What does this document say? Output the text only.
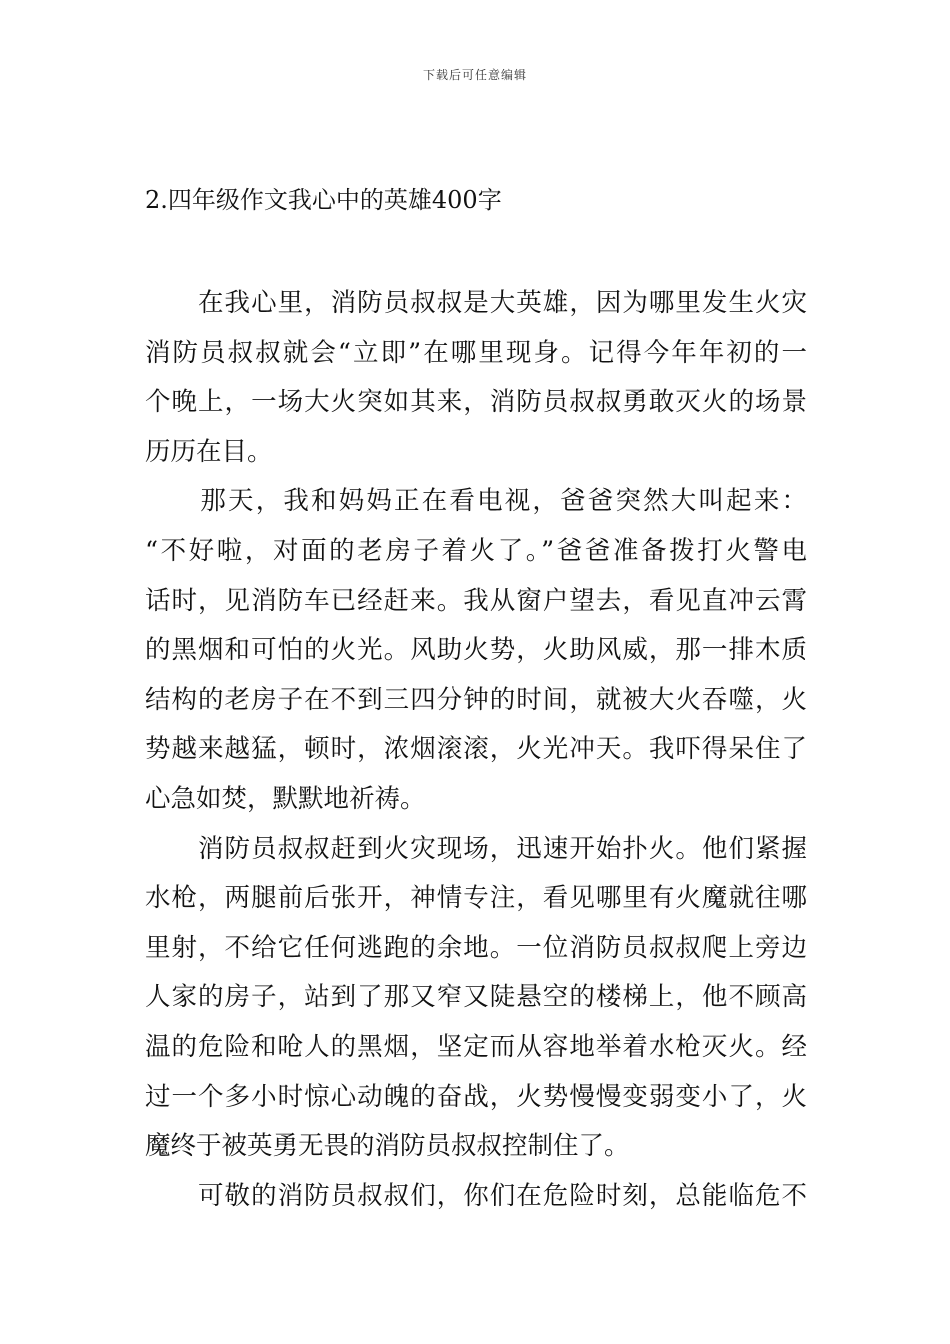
下载后可任意编辑
2.四年级作文我心中的英雄400字
　　在我心里，消防员叔叔是大英雄，因为哪里发生火灾
消防员叔叔就会“立即”在哪里现身。记得今年年初的一
个晚上，一场大火突如其来，消防员叔叔勇敢灭火的场景
历历在目。
　　那天，我和妈妈正在看电视，爸爸突然大叫起来：
“不好啦，对面的老房子着火了。”爸爸准备拨打火警电
话时，见消防车已经赶来。我从窗户望去，看见直冲云霄
的黑烟和可怕的火光。风助火势，火助风威，那一排木质
结构的老房子在不到三四分钟的时间，就被大火吞噬，火
势越来越猛，顿时，浓烟滚滚，火光冲天。我吓得呆住了
心急如焚，默默地祈祷。
　　消防员叔叔赶到火灾现场，迅速开始扑火。他们紧握
水枪，两腿前后张开，神情专注，看见哪里有火魔就往哪
里射，不给它任何逃跑的余地。一位消防员叔叔爬上旁边
人家的房子，站到了那又窄又陡悬空的楼梯上，他不顾高
温的危险和呛人的黑烟，坚定而从容地举着水枪灭火。经
过一个多小时惊心动魄的奋战，火势慢慢变弱变小了，火
魔终于被英勇无畏的消防员叔叔控制住了。
　　可敬的消防员叔叔们，你们在危险时刻，总能临危不
